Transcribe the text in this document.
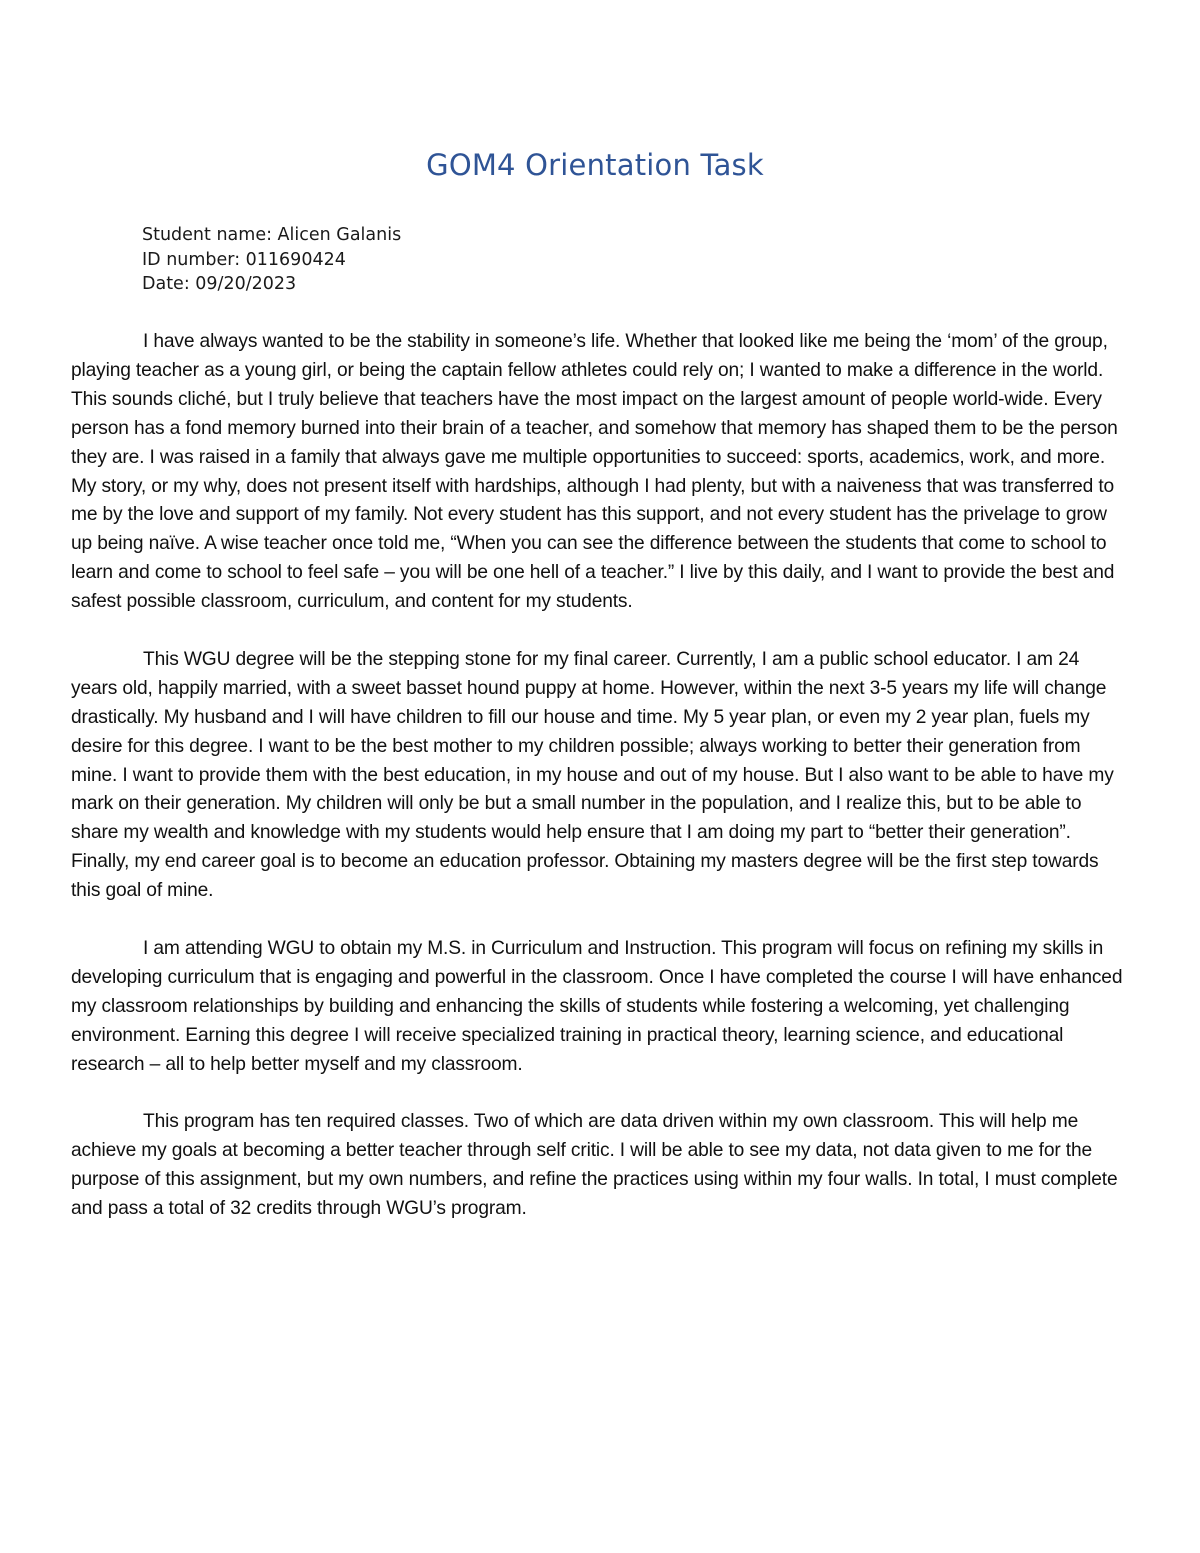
GOM4 Orientation Task
Student name: Alicen Galanis
ID number: 011690424
Date: 09/20/2023

I have always wanted to be the stability in someone’s life. Whether that looked like me being the ‘mom’ of the group, playing teacher as a young girl, or being the captain fellow athletes could rely on; I wanted to make a difference in the world. This sounds cliché, but I truly believe that teachers have the most impact on the largest amount of people world-wide. Every person has a fond memory burned into their brain of a teacher, and somehow that memory has shaped them to be the person they are. I was raised in a family that always gave me multiple opportunities to succeed: sports, academics, work, and more. My story, or my why, does not present itself with hardships, although I had plenty, but with a naiveness that was transferred to me by the love and support of my family. Not every student has this support, and not every student has the privelage to grow up being naïve. A wise teacher once told me, “When you can see the difference between the students that come to school to learn and come to school to feel safe – you will be one hell of a teacher.” I live by this daily, and I want to provide the best and safest possible classroom, curriculum, and content for my students.

This WGU degree will be the stepping stone for my final career. Currently, I am a public school educator. I am 24 years old, happily married, with a sweet basset hound puppy at home. However, within the next 3-5 years my life will change drastically. My husband and I will have children to fill our house and time. My 5 year plan, or even my 2 year plan, fuels my desire for this degree. I want to be the best mother to my children possible; always working to better their generation from mine. I want to provide them with the best education, in my house and out of my house. But I also want to be able to have my mark on their generation. My children will only be but a small number in the population, and I realize this, but to be able to share my wealth and knowledge with my students would help ensure that I am doing my part to “better their generation”. Finally, my end career goal is to become an education professor. Obtaining my masters degree will be the first step towards this goal of mine.

I am attending WGU to obtain my M.S. in Curriculum and Instruction. This program will focus on refining my skills in developing curriculum that is engaging and powerful in the classroom. Once I have completed the course I will have enhanced my classroom relationships by building and enhancing the skills of students while fostering a welcoming, yet challenging environment. Earning this degree I will receive specialized training in practical theory, learning science, and educational research – all to help better myself and my classroom.

This program has ten required classes. Two of which are data driven within my own classroom. This will help me achieve my goals at becoming a better teacher through self critic. I will be able to see my data, not data given to me for the purpose of this assignment, but my own numbers, and refine the practices using within my four walls. In total, I must complete and pass a total of 32 credits through WGU’s program.
